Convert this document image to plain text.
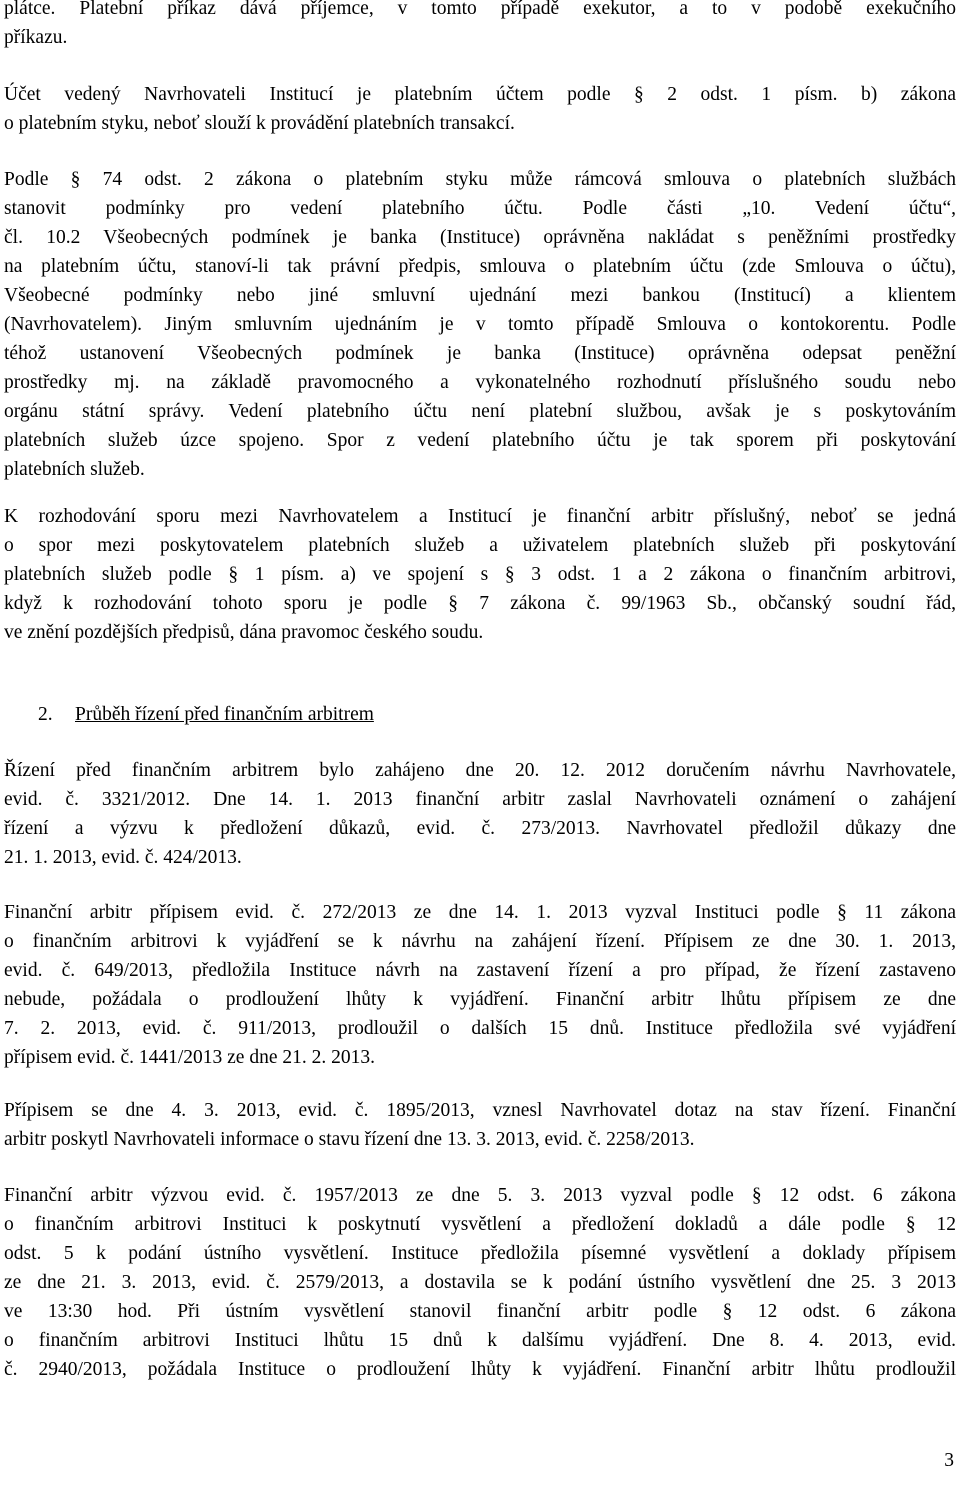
plátce. Platební příkaz dává příjemce, v tomto případě exekutor, a to v podobě exekučního
příkazu.
Účet vedený Navrhovateli Institucí je platebním účtem podle § 2 odst. 1 písm. b) zákona
o platebním styku, neboť slouží k provádění platebních transakcí.
Podle § 74 odst. 2 zákona o platebním styku může rámcová smlouva o platebních službách
stanovit podmínky pro vedení platebního účtu. Podle části „10. Vedení účtu“,
čl. 10.2 Všeobecných podmínek je banka (Instituce) oprávněna nakládat s peněžními prostředky
na platebním účtu, stanoví-li tak právní předpis, smlouva o platebním účtu (zde Smlouva o účtu),
Všeobecné podmínky nebo jiné smluvní ujednání mezi bankou (Institucí) a klientem
(Navrhovatelem). Jiným smluvním ujednáním je v tomto případě Smlouva o kontokorentu. Podle
téhož ustanovení Všeobecných podmínek je banka (Instituce) oprávněna odepsat peněžní
prostředky mj. na základě pravomocného a vykonatelného rozhodnutí příslušného soudu nebo
orgánu státní správy. Vedení platebního účtu není platební službou, avšak je s poskytováním
platebních služeb úzce spojeno. Spor z vedení platebního účtu je tak sporem při poskytování
platebních služeb.
K rozhodování sporu mezi Navrhovatelem a Institucí je finanční arbitr příslušný, neboť se jedná
o spor mezi poskytovatelem platebních služeb a uživatelem platebních služeb při poskytování
platebních služeb podle § 1 písm. a) ve spojení s § 3 odst. 1 a 2 zákona o finančním arbitrovi,
když k rozhodování tohoto sporu je podle § 7 zákona č. 99/1963 Sb., občanský soudní řád,
ve znění pozdějších předpisů, dána pravomoc českého soudu.
2. Průběh řízení před finančním arbitrem
Řízení před finančním arbitrem bylo zahájeno dne 20. 12. 2012 doručením návrhu Navrhovatele,
evid. č. 3321/2012. Dne 14. 1. 2013 finanční arbitr zaslal Navrhovateli oznámení o zahájení
řízení a výzvu k předložení důkazů, evid. č. 273/2013. Navrhovatel předložil důkazy dne
21. 1. 2013, evid. č. 424/2013.
Finanční arbitr přípisem evid. č. 272/2013 ze dne 14. 1. 2013 vyzval Instituci podle § 11 zákona
o finančním arbitrovi k vyjádření se k návrhu na zahájení řízení. Přípisem ze dne 30. 1. 2013,
evid. č. 649/2013, předložila Instituce návrh na zastavení řízení a pro případ, že řízení zastaveno
nebude, požádala o prodloužení lhůty k vyjádření. Finanční arbitr lhůtu přípisem ze dne
7. 2. 2013, evid. č. 911/2013, prodloužil o dalších 15 dnů. Instituce předložila své vyjádření
přípisem evid. č. 1441/2013 ze dne 21. 2. 2013.
Přípisem se dne 4. 3. 2013, evid. č. 1895/2013, vznesl Navrhovatel dotaz na stav řízení. Finanční
arbitr poskytl Navrhovateli informace o stavu řízení dne 13. 3. 2013, evid. č. 2258/2013.
Finanční arbitr výzvou evid. č. 1957/2013 ze dne 5. 3. 2013 vyzval podle § 12 odst. 6 zákona
o finančním arbitrovi Instituci k poskytnutí vysvětlení a předložení dokladů a dále podle § 12
odst. 5 k podání ústního vysvětlení. Instituce předložila písemné vysvětlení a doklady přípisem
ze dne 21. 3. 2013, evid. č. 2579/2013, a dostavila se k podání ústního vysvětlení dne 25. 3 2013
ve 13:30 hod. Při ústním vysvětlení stanovil finanční arbitr podle § 12 odst. 6 zákona
o finančním arbitrovi Instituci lhůtu 15 dnů k dalšímu vyjádření. Dne 8. 4. 2013, evid.
č. 2940/2013, požádala Instituce o prodloužení lhůty k vyjádření. Finanční arbitr lhůtu prodloužil
3
